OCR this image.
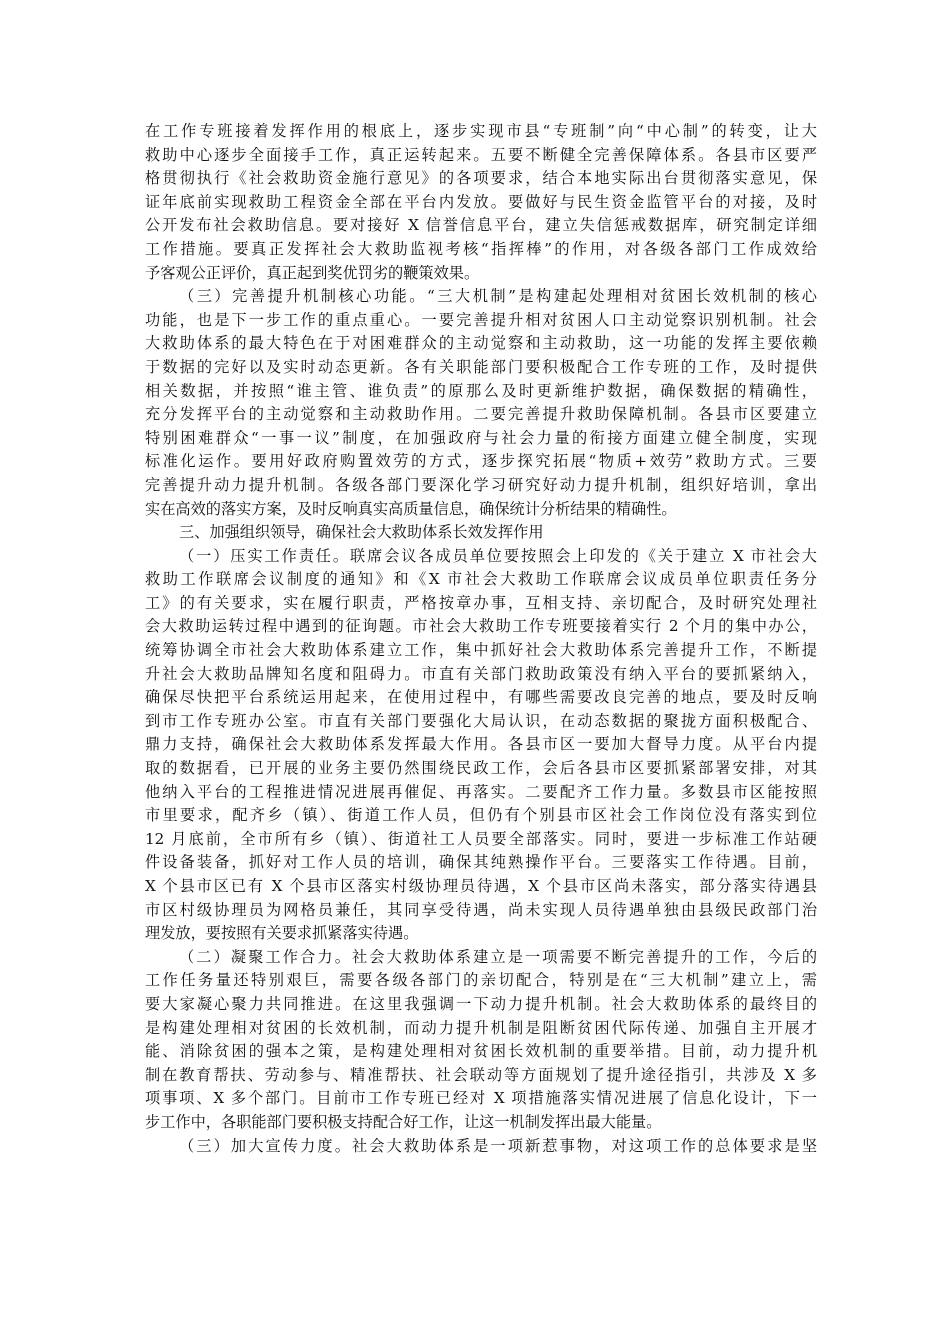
在工作专班接着发挥作用的根底上，逐步实现市县“专班制”向“中心制”的转变，让大
救助中心逐步全面接手工作，真正运转起来。五要不断健全完善保障体系。各县市区要严
格贯彻执行《社会救助资金施行意见》的各项要求，结合本地实际出台贯彻落实意见，保
证年底前实现救助工程资金全部在平台内发放。要做好与民生资金监管平台的对接，及时
公开发布社会救助信息。要对接好 X 信誉信息平台，建立失信惩戒数据库，研究制定详细
工作措施。要真正发挥社会大救助监视考核“指挥棒”的作用，对各级各部门工作成效给
予客观公正评价，真正起到奖优罚劣的鞭策效果。
（三）完善提升机制核心功能。“三大机制”是构建起处理相对贫困长效机制的核心
功能，也是下一步工作的重点重心。一要完善提升相对贫困人口主动觉察识别机制。社会
大救助体系的最大特色在于对困难群众的主动觉察和主动救助，这一功能的发挥主要依赖
于数据的完好以及实时动态更新。各有关职能部门要积极配合工作专班的工作，及时提供
相关数据，并按照“谁主管、谁负责”的原那么及时更新维护数据，确保数据的精确性，
充分发挥平台的主动觉察和主动救助作用。二要完善提升救助保障机制。各县市区要建立
特别困难群众“一事一议”制度，在加强政府与社会力量的衔接方面建立健全制度，实现
标准化运作。要用好政府购置效劳的方式，逐步探究拓展“物质+效劳”救助方式。三要
完善提升动力提升机制。各级各部门要深化学习研究好动力提升机制，组织好培训，拿出
实在高效的落实方案，及时反响真实高质量信息，确保统计分析结果的精确性。
三、加强组织领导，确保社会大救助体系长效发挥作用
（一）压实工作责任。联席会议各成员单位要按照会上印发的《关于建立 X 市社会大
救助工作联席会议制度的通知》和《X 市社会大救助工作联席会议成员单位职责任务分
工》的有关要求，实在履行职责，严格按章办事，互相支持、亲切配合，及时研究处理社
会大救助运转过程中遇到的征询题。市社会大救助工作专班要接着实行 2 个月的集中办公，
统筹协调全市社会大救助体系建立工作，集中抓好社会大救助体系完善提升工作，不断提
升社会大救助品牌知名度和阻碍力。市直有关部门救助政策没有纳入平台的要抓紧纳入，
确保尽快把平台系统运用起来，在使用过程中，有哪些需要改良完善的地点，要及时反响
到市工作专班办公室。市直有关部门要强化大局认识，在动态数据的聚拢方面积极配合、
鼎力支持，确保社会大救助体系发挥最大作用。各县市区一要加大督导力度。从平台内提
取的数据看，已开展的业务主要仍然围绕民政工作，会后各县市区要抓紧部署安排，对其
他纳入平台的工程推进情况进展再催促、再落实。二要配齐工作力量。多数县市区能按照
市里要求，配齐乡（镇）、街道工作人员，但仍有个别县市区社会工作岗位没有落实到位
12 月底前，全市所有乡（镇）、街道社工人员要全部落实。同时，要进一步标准工作站硬
件设备装备，抓好对工作人员的培训，确保其纯熟操作平台。三要落实工作待遇。目前，
X 个县市区已有 X 个县市区落实村级协理员待遇，X 个县市区尚未落实，部分落实待遇县
市区村级协理员为网格员兼任，其同享受待遇，尚未实现人员待遇单独由县级民政部门治
理发放，要按照有关要求抓紧落实待遇。
（二）凝聚工作合力。社会大救助体系建立是一项需要不断完善提升的工作，今后的
工作任务量还特别艰巨，需要各级各部门的亲切配合，特别是在“三大机制”建立上，需
要大家凝心聚力共同推进。在这里我强调一下动力提升机制。社会大救助体系的最终目的
是构建处理相对贫困的长效机制，而动力提升机制是阻断贫困代际传递、加强自主开展才
能、消除贫困的强本之策，是构建处理相对贫困长效机制的重要举措。目前，动力提升机
制在教育帮扶、劳动参与、精准帮扶、社会联动等方面规划了提升途径指引，共涉及 X 多
项事项、X 多个部门。目前市工作专班已经对 X 项措施落实情况进展了信息化设计，下一
步工作中，各职能部门要积极支持配合好工作，让这一机制发挥出最大能量。
（三）加大宣传力度。社会大救助体系是一项新惹事物，对这项工作的总体要求是坚
